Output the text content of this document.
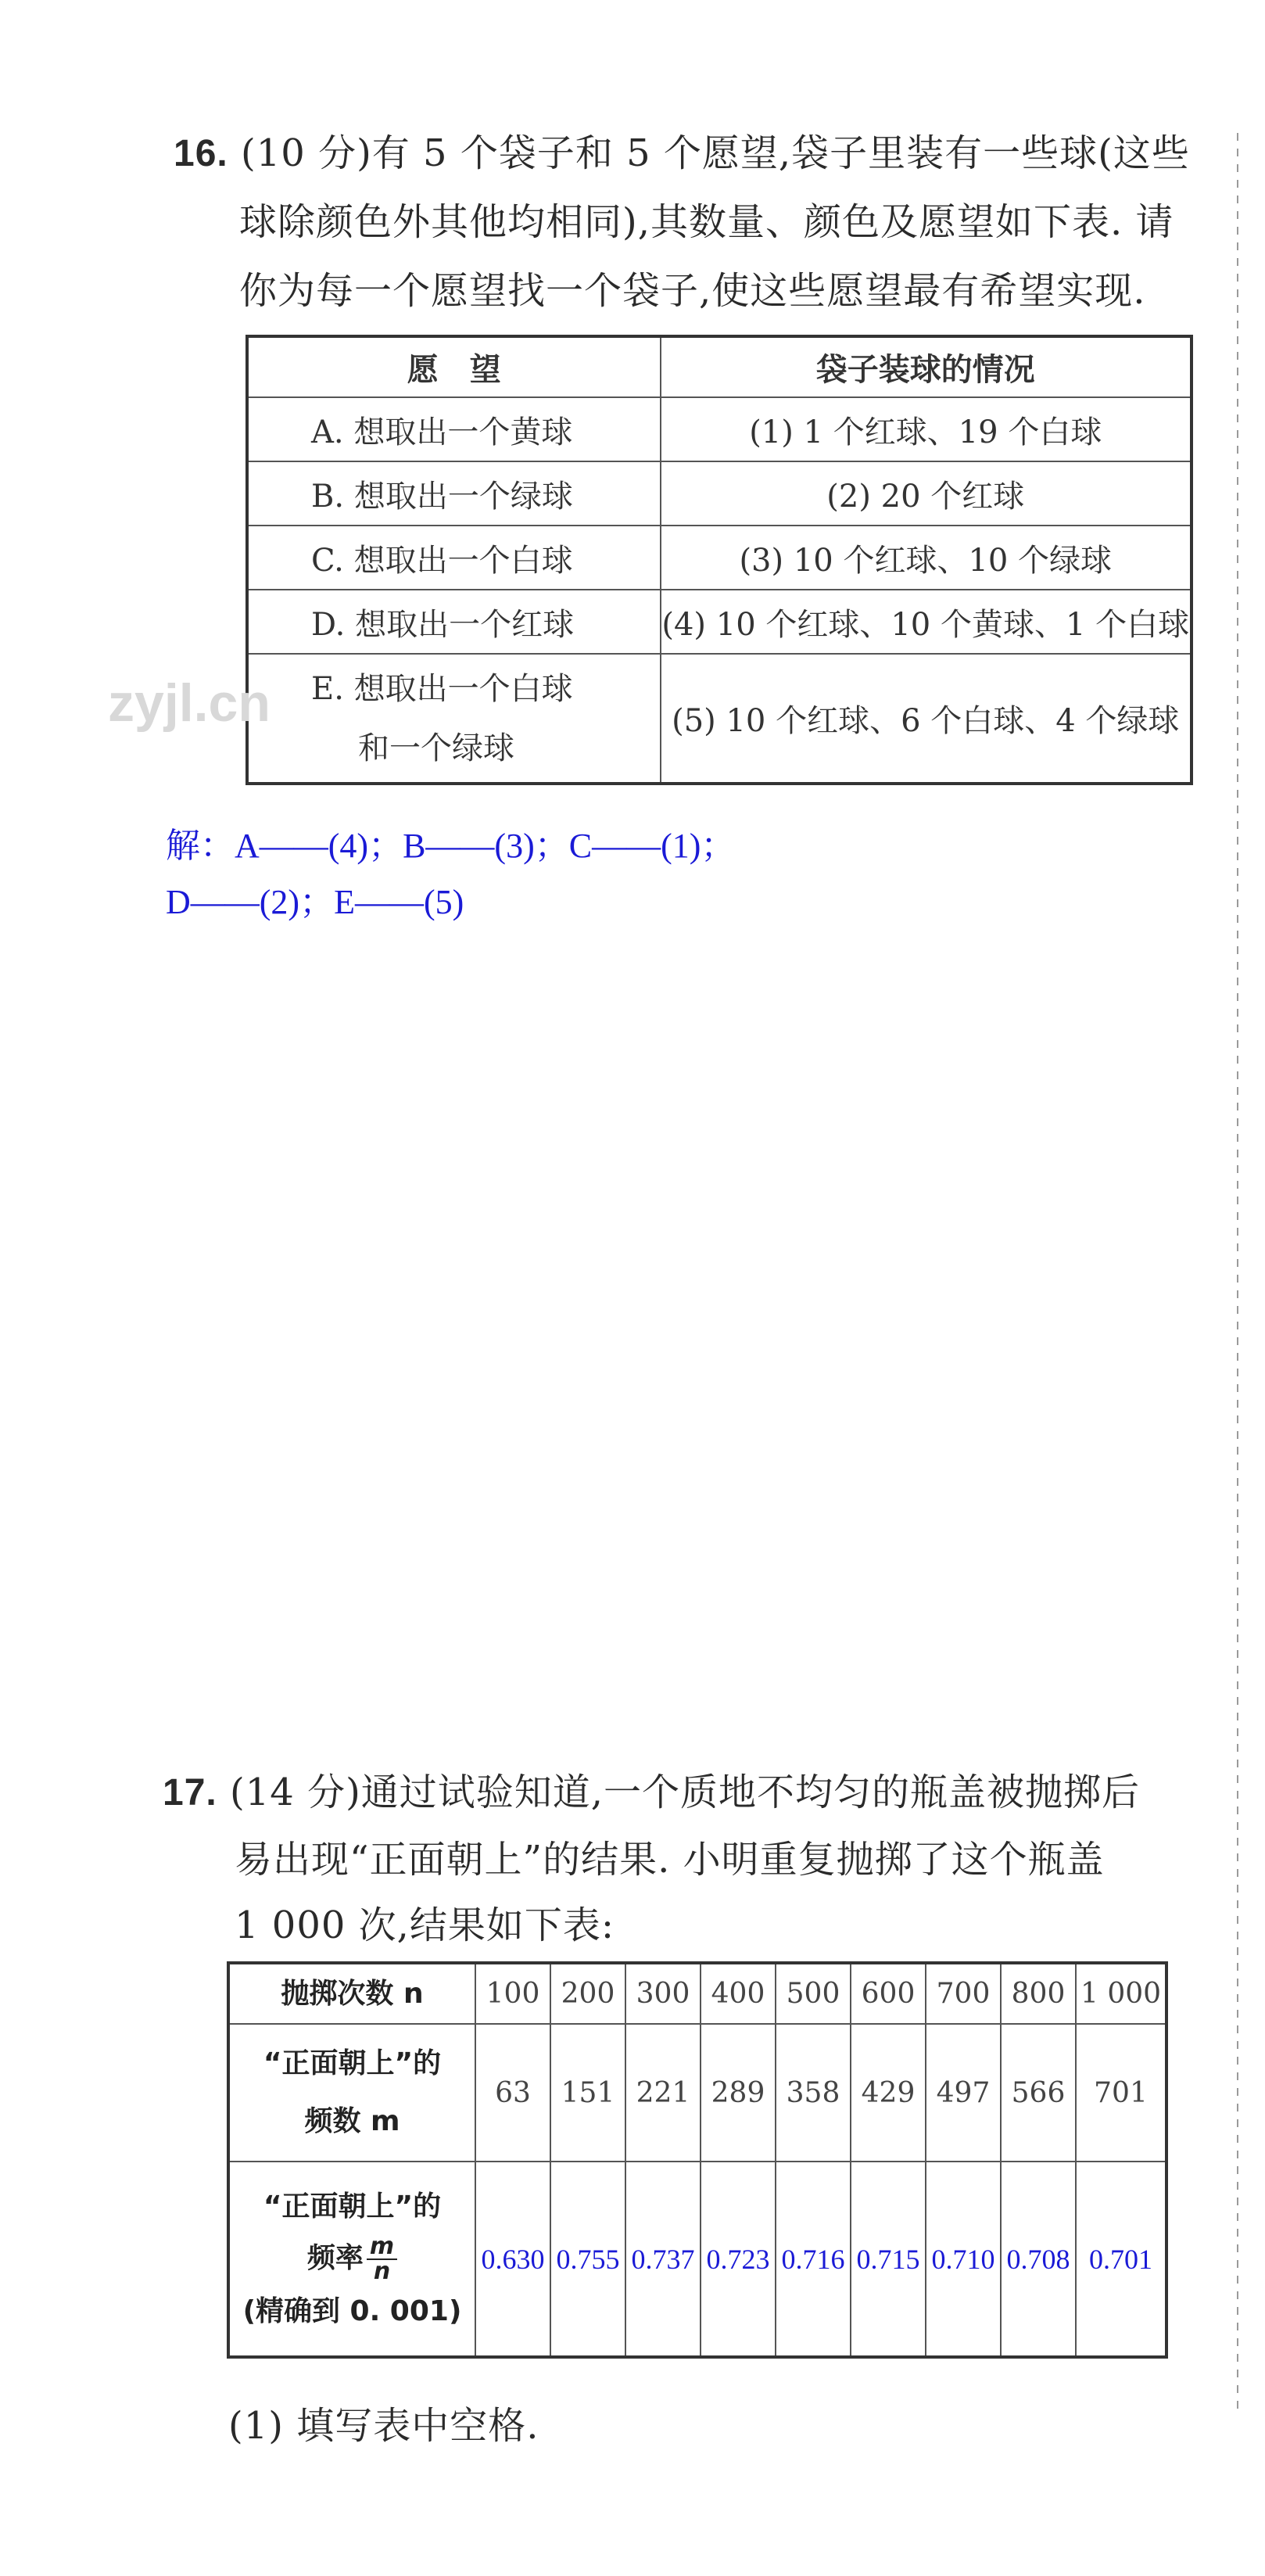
16. (10 分)有 5 个袋子和 5 个愿望,袋子里装有一些球(这些
球除颜色外其他均相同),其数量、颜色及愿望如下表. 请
你为每一个愿望找一个袋子,使这些愿望最有希望实现.
愿　望	袋子装球的情况
A. 想取出一个黄球	(1) 1 个红球、19 个白球
B. 想取出一个绿球	(2) 20 个红球
C. 想取出一个白球	(3) 10 个红球、10 个绿球
D. 想取出一个红球	(4) 10 个红球、10 个黄球、1 个白球

E. 想取出一个白球
和一个绿球	(5) 10 个红球、6 个白球、4 个绿球
zyjl.cn
解：A——(4)；B——(3)；C——(1)；
D——(2)；E——(5)
17. (14 分)通过试验知道,一个质地不均匀的瓶盖被抛掷后
易出现“正面朝上”的结果. 小明重复抛掷了这个瓶盖
1 000 次,结果如下表:
抛掷次数 n	100	200	300	400	500	600	700	800	1 000

“正面朝上”的
频数 m	63	151	221	289	358	429	497	566	701

“正面朝上”的
频率 $\frac{m}{n}$
(精确到 0. 001)	0.630	0.755	0.737	0.723	0.716	0.715	0.710	0.708	0.701
(1) 填写表中空格.
